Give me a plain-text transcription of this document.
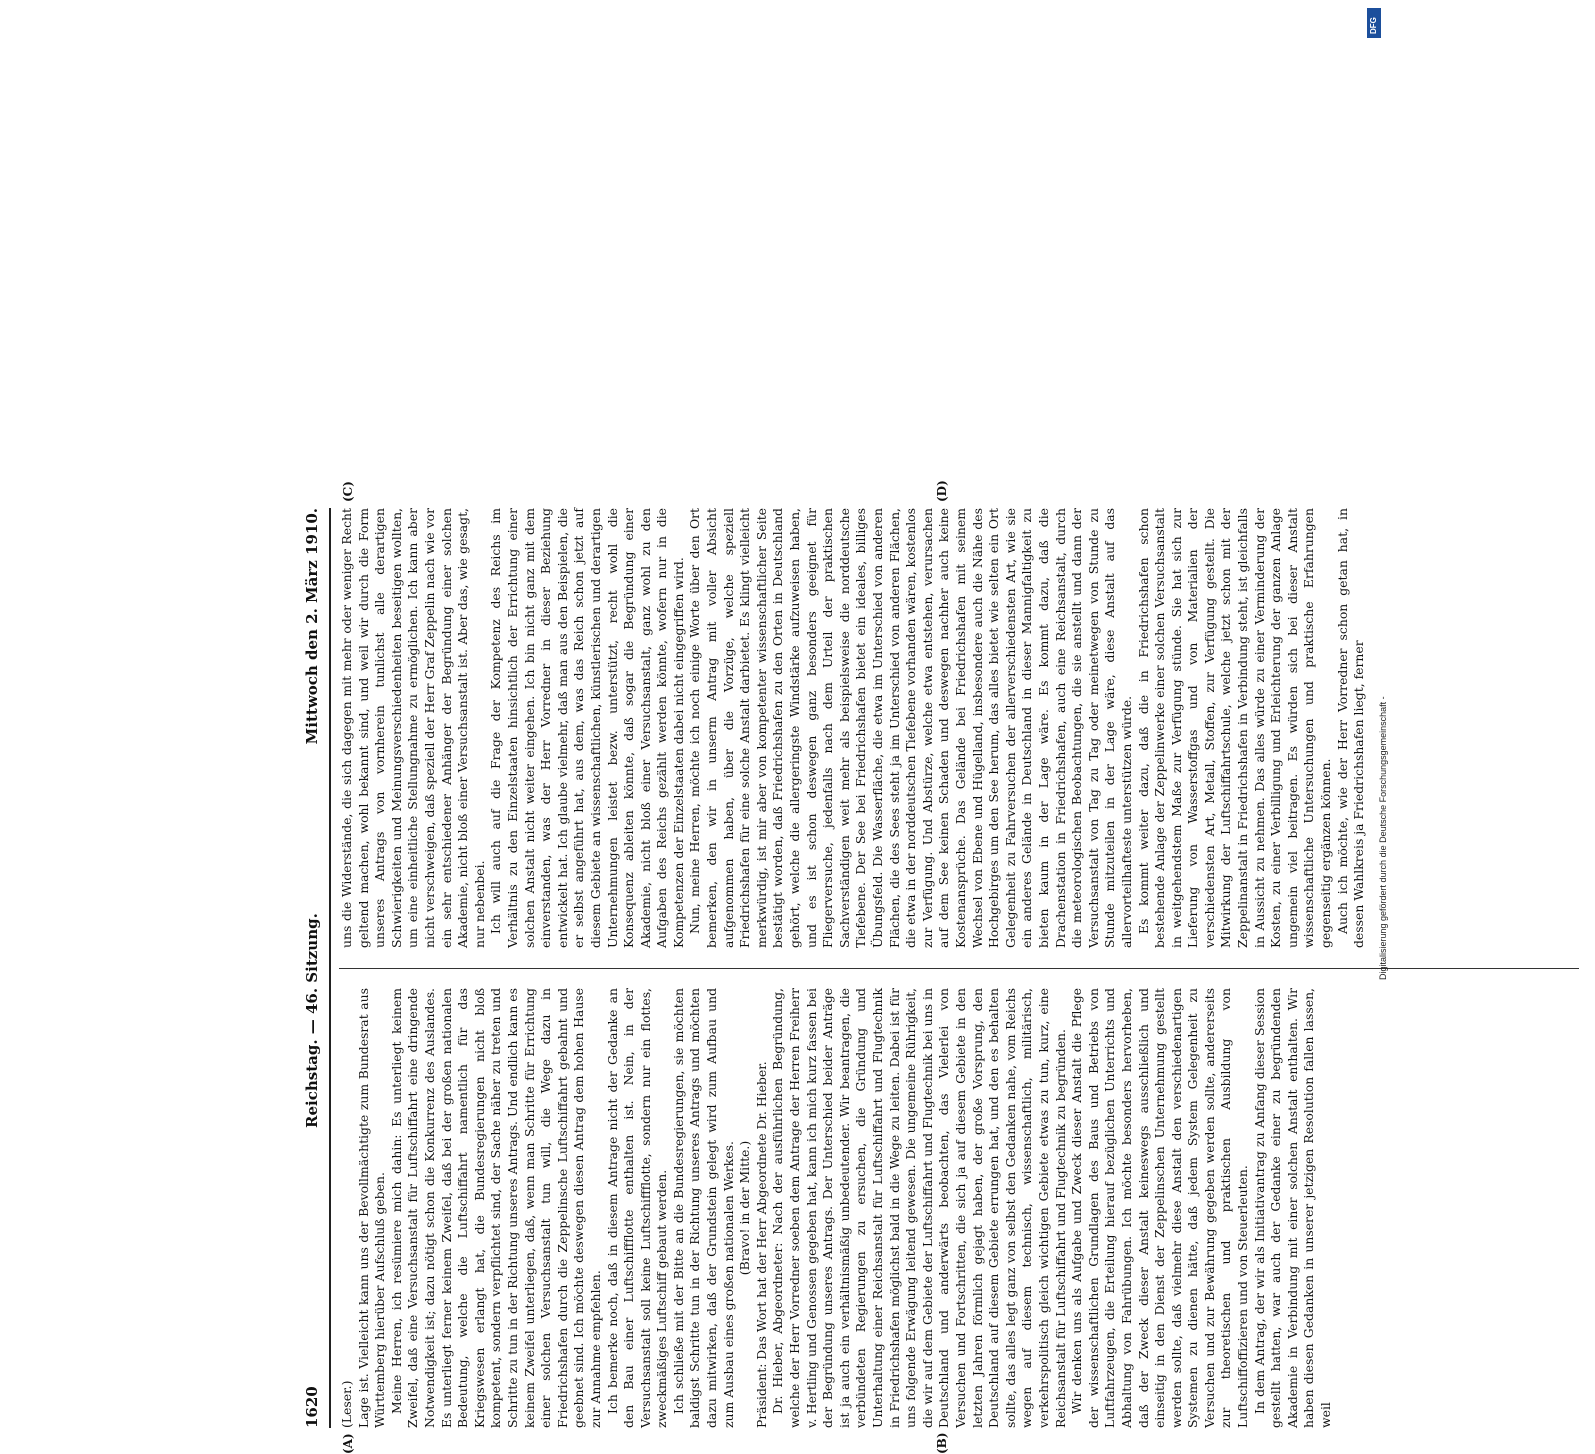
1620
Reichstag. — 46. Sitzung.
Mittwoch den 2. März 1910.

(Leser.) Lage ist. Vielleicht kann uns der Bevollmächtigte zum Bundesrat aus Württemberg hierüber Aufschluß geben. Meine Herren, ich resümiere mich dahin: Es unterliegt keinem Zweifel, daß eine Versuchsanstalt für Luftschiffahrt eine dringende Notwendigkeit ist; dazu nötigt schon die Konkurrenz des Auslandes. Es unterliegt ferner keinem Zweifel, daß bei der großen nationalen Bedeutung, welche die Luftschiffahrt namentlich für das Kriegswesen erlangt hat, die Bundesregierungen nicht bloß kompetent, sondern verpflichtet sind, der Sache näher zu treten und Schritte zu tun in der Richtung unseres Antrags. Und endlich kann es keinem Zweifel unterliegen, daß, wenn man Schritte für Errichtung einer solchen Versuchsanstalt tun will, die Wege dazu in Friedrichshafen durch die Zeppelinsche Luftschiffahrt gebahnt und geebnet sind. Ich möchte deswegen diesen Antrag dem hohen Hause zur Annahme empfehlen. Ich bemerke noch, daß in diesem Antrage nicht der Gedanke an den Bau einer Luftschiffflotte enthalten ist. Nein, in der Versuchsanstalt soll keine Luftschiffflotte, sondern nur ein flottes, zweckmäßiges Luftschiff gebaut werden. Ich schließe mit der Bitte an die Bundesregierungen, sie möchten baldigst Schritte tun in der Richtung unseres Antrags und möchten dazu mitwirken, daß der Grundstein gelegt wird zum Aufbau und zum Ausbau eines großen nationalen Werkes. (Bravo! in der Mitte.) Präsident: Das Wort hat der Herr Abgeordnete Dr. Hieber. Dr. Hieber, Abgeordneter: Nach der ausführlichen Begründung, welche der Herr Vorredner soeben dem Antrage der Herren Freiherr v. Hertling und Genossen gegeben hat, kann ich mich kurz fassen bei der Begründung unseres Antrags. Der Unterschied beider Anträge ist ja auch ein verhältnismäßig unbedeutender. Wir beantragen, die verbündeten Regierungen zu ersuchen, die Gründung und Unterhaltung einer Reichsanstalt für Luftschiffahrt und Flugtechnik in Friedrichshafen möglichst bald in die Wege zu leiten. Dabei ist für uns folgende Erwägung leitend gewesen. Die ungemeine Rührigkeit, die wir auf dem Gebiete der Luftschiffahrt und Flugtechnik bei uns in Deutschland und anderwärts beobachten, das Vielerlei von Versuchen und Fortschritten, die sich ja auf diesem Gebiete in den letzten Jahren förmlich gejagt haben, der große Vorsprung, den Deutschland auf diesem Gebiete errungen hat, und den es behalten sollte, das alles legt ganz von selbst den Gedanken nahe, vom Reichs wegen auf diesem technisch, wissenschaftlich, militärisch, verkehrspolitisch gleich wichtigen Gebiete etwas zu tun, kurz, eine Reichsanstalt für Luftschiffahrt und Flugtechnik zu begründen. Wir denken uns als Aufgabe und Zweck dieser Anstalt die Pflege der wissenschaftlichen Grundlagen des Baus und Betriebs von Luftfahrzeugen, die Erteilung hierauf bezüglichen Unterrichts und Abhaltung von Fahrübungen. Ich möchte besonders hervorheben, daß der Zweck dieser Anstalt keineswegs ausschließlich und einseitig in den Dienst der Zeppelinschen Unternehmung gestellt werden sollte, daß vielmehr diese Anstalt den verschiedenartigen Systemen zu dienen hätte, daß jedem System Gelegenheit zu Versuchen und zur Bewährung gegeben werden sollte, andererseits zur theoretischen und praktischen Ausbildung von Luftschiffoffizieren und von Steuerleuten. In dem Antrag, der wir als Initiativantrag zu Anfang dieser Session gestellt hatten, war auch der Gedanke einer zu begründenden Akademie in Verbindung mit einer solchen Anstalt enthalten. Wir haben diesen Gedanken in unserer jetzigen Resolution fallen lassen, weil

uns die Widerstände, die sich dagegen mit mehr oder weniger Recht geltend machen, wohl bekannt sind, und weil wir durch die Form unseres Antrags von vornherein tunlichst alle derartigen Schwierigkeiten und Meinungsverschiedenheiten beseitigen wollten, um eine einheitliche Stellungnahme zu ermöglichen. Ich kann aber nicht verschweigen, daß speziell der Herr Graf Zeppelin nach wie vor ein sehr entschiedener Anhänger der Begründung einer solchen Akademie, nicht bloß einer Versuchsanstalt ist. Aber das, wie gesagt, nur nebenbei. Ich will auch auf die Frage der Kompetenz des Reichs im Verhältnis zu den Einzelstaaten hinsichtlich der Errichtung einer solchen Anstalt nicht weiter eingehen. Ich bin nicht ganz mit dem einverstanden, was der Herr Vorredner in dieser Beziehung entwickelt hat. Ich glaube vielmehr, daß man aus den Beispielen, die er selbst angeführt hat, aus dem, was das Reich schon jetzt auf diesem Gebiete an wissenschaftlichen, künstlerischen und derartigen Unternehmungen leistet bezw. unterstützt, recht wohl die Konsequenz ableiten könnte, daß sogar die Begründung einer Akademie, nicht bloß einer Versuchsanstalt, ganz wohl zu den Aufgaben des Reichs gezählt werden könnte, wofern nur in die Kompetenzen der Einzelstaaten dabei nicht eingegriffen wird. Nun, meine Herren, möchte ich noch einige Worte über den Ort bemerken, den wir in unserm Antrag mit voller Absicht aufgenommen haben, über die Vorzüge, welche speziell Friedrichshafen für eine solche Anstalt darbietet. Es klingt vielleicht merkwürdig, ist mir aber von kompetenter wissenschaftlicher Seite bestätigt worden, daß Friedrichshafen zu den Orten in Deutschland gehört, welche die allergeringste Windstärke aufzuweisen haben, und es ist schon deswegen ganz besonders geeignet für Fliegerversuche, jedenfalls nach dem Urteil der praktischen Sachverständigen weit mehr als beispielsweise die norddeutsche Tiefebene. Der See bei Friedrichshafen bietet ein ideales, billiges Übungsfeld. Die Wasserfläche, die etwa im Unterschied von anderen Flächen, die des Sees steht ja im Unterschied von anderen Flächen, die etwa in der norddeutschen Tiefebene vorhanden wären, kostenlos zur Verfügung. Und Abstürze, welche etwa entstehen, verursachen auf dem See keinen Schaden und deswegen nachher auch keine Kostenansprüche. Das Gelände bei Friedrichshafen mit seinem Wechsel von Ebene und Hügelland, insbesondere auch die Nähe des Hochgebirges um den See herum, das alles bietet wie selten ein Ort Gelegenheit zu Fahrversuchen der allerverschiedensten Art, wie sie ein anderes Gelände in Deutschland in dieser Mannigfaltigkeit zu bieten kaum in der Lage wäre. Es kommt dazu, daß die Drachenstation in Friedrichshafen, auch eine Reichsanstalt, durch die meteorologischen Beobachtungen, die sie anstellt und dann der Versuchsanstalt von Tag zu Tag oder meinetwegen von Stunde zu Stunde mitzuteilen in der Lage wäre, diese Anstalt auf das allervorteilhafteste unterstützen würde. Es kommt weiter dazu, daß die in Friedrichshafen schon bestehende Anlage der Zeppelinwerke einer solchen Versuchsanstalt in weitgehendstem Maße zur Verfügung stünde. Sie hat sich zur Lieferung von Wasserstoffgas und von Materialien der verschiedensten Art, Metall, Stoffen, zur Verfügung gestellt. Die Mitwirkung der Luftschiffahrtschule, welche jetzt schon mit der Zeppelinanstalt in Friedrichshafen in Verbindung steht, ist gleichfalls in Aussicht zu nehmen. Das alles würde zu einer Verminderung der Kosten, zu einer Verbilligung und Erleichterung der ganzen Anlage ungemein viel beitragen. Es würden sich bei dieser Anstalt wissenschaftliche Untersuchungen und praktische Erfahrungen gegenseitig ergänzen können. Auch ich möchte, wie der Herr Vorredner schon getan hat, in dessen Wahlkreis ja Friedrichshafen liegt, ferner

(A)	(B)
(C)	(D)
DFG
Digitalisierung gefördert durch die Deutsche Forschungsgemeinschaft -
